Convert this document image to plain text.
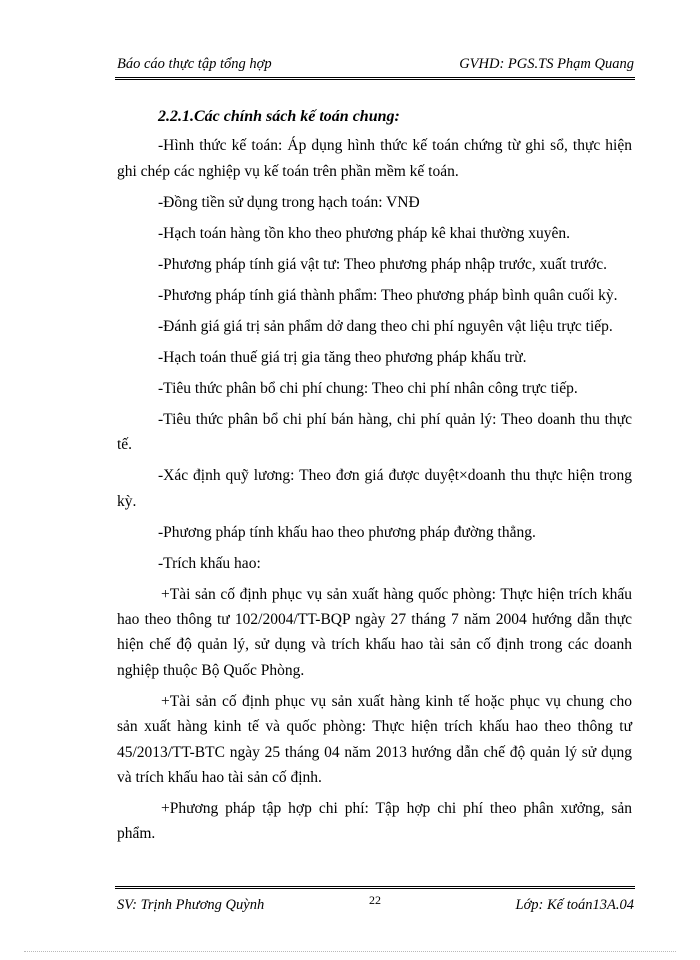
Báo cáo thực tập tổng hợp	GVHD: PGS.TS Phạm Quang

2.2.1.Các chính sách kế toán chung:

-Hình thức kế toán: Áp dụng hình thức kế toán chứng từ ghi sổ, thực hiện ghi chép các nghiệp vụ kế toán trên phần mềm kế toán.

-Đồng tiền sử dụng trong hạch toán: VNĐ

-Hạch toán hàng tồn kho theo phương pháp kê khai thường xuyên.

-Phương pháp tính giá vật tư: Theo phương pháp nhập trước, xuất trước.

-Phương pháp tính giá thành phẩm: Theo phương pháp bình quân cuối kỳ.

-Đánh giá giá trị sản phẩm dở dang theo chi phí nguyên vật liệu trực tiếp.

-Hạch toán thuế giá trị gia tăng theo phương pháp khấu trừ.

-Tiêu thức phân bổ chi phí chung: Theo chi phí nhân công trực tiếp.

-Tiêu thức phân bổ chi phí bán hàng, chi phí quản lý: Theo doanh thu thực tế.

-Xác định quỹ lương: Theo đơn giá được duyệt×doanh thu thực hiện trong kỳ.

-Phương pháp tính khấu hao theo phương pháp đường thẳng.

-Trích khấu hao:

+Tài sản cố định phục vụ sản xuất hàng quốc phòng: Thực hiện trích khấu hao theo thông tư 102/2004/TT-BQP ngày 27 tháng 7 năm 2004 hướng dẫn thực hiện chế độ quản lý, sử dụng và trích khấu hao tài sản cố định trong các doanh nghiệp thuộc Bộ Quốc Phòng.

+Tài sản cố định phục vụ sản xuất hàng kinh tế hoặc phục vụ chung cho sản xuất hàng kinh tế và quốc phòng: Thực hiện trích khấu hao theo thông tư 45/2013/TT-BTC ngày 25 tháng 04 năm 2013 hướng dẫn chế độ quản lý sử dụng và trích khấu hao tài sản cố định.

+Phương pháp tập hợp chi phí: Tập hợp chi phí theo phân xưởng, sản phẩm.

SV: Trịnh Phương Quỳnh	22	Lớp: Kế toán13A.04
